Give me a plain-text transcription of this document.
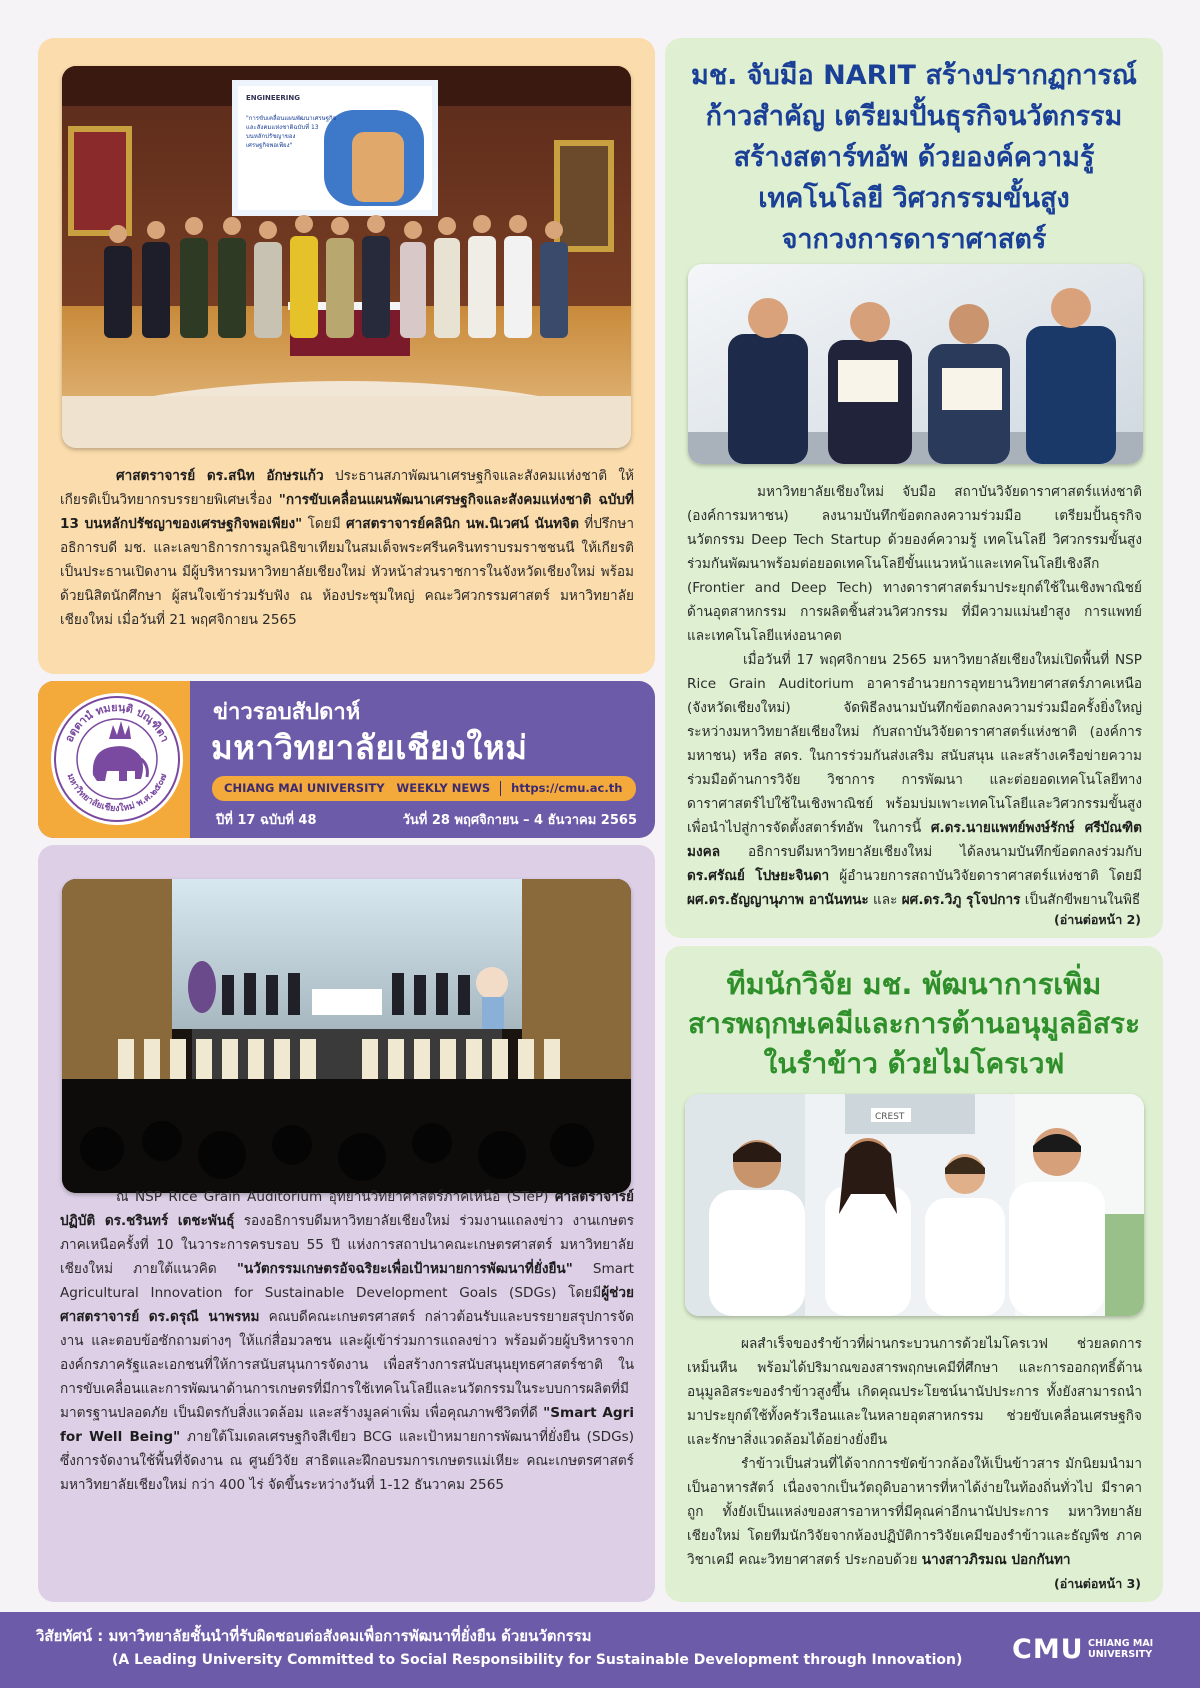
ENGINEERING
"การขับเคลื่อนแผนพัฒนาเศรษฐกิจ
และสังคมแห่งชาติฉบับที่ 13
บนหลักปรัชญาของ
เศรษฐกิจพอเพียง"

ศาสตราจารย์ ดร.สนิท อักษรแก้ว ประธานสภาพัฒนาเศรษฐกิจและสังคมแห่งชาติ ให้เกียรติเป็นวิทยากรบรรยายพิเศษเรื่อง "การขับเคลื่อนแผนพัฒนาเศรษฐกิจและสังคมแห่งชาติ ฉบับที่ 13 บนหลักปรัชญาของเศรษฐกิจพอเพียง" โดยมี ศาสตราจารย์คลินิก นพ.นิเวศน์ นันทจิต ที่ปรึกษาอธิการบดี มช. และเลขาธิการการมูลนิธิขาเทียมในสมเด็จพระศรีนครินทราบรมราชชนนี ให้เกียรติเป็นประธานเปิดงาน มีผู้บริหารมหาวิทยาลัยเชียงใหม่ หัวหน้าส่วนราชการในจังหวัดเชียงใหม่ พร้อมด้วยนิสิตนักศึกษา ผู้สนใจเข้าร่วมรับฟัง ณ ห้องประชุมใหญ่ คณะวิศวกรรมศาสตร์ มหาวิทยาลัยเชียงใหม่ เมื่อวันที่ 21 พฤศจิกายน 2565

อตฺตานํ ทมยนฺติ ปณฺฑิตา
มหาวิทยาลัยเชียงใหม่ พ.ศ.๒๕๐๗
ข่าวรอบสัปดาห์
มหาวิทยาลัยเชียงใหม่
CHIANG MAI UNIVERSITY   WEEKLY NEWS https://cmu.ac.th
ปีที่ 17 ฉบับที่ 48	วันที่ 28 พฤศจิกายน – 4 ธันวาคม 2565

ณ NSP Rice Grain Auditorium อุทยานวิทยาศาสตร์ภาคเหนือ (STeP) ศาสตราจารย์ปฏิบัติ ดร.ชรินทร์ เตชะพันธุ์ รองอธิการบดีมหาวิทยาลัยเชียงใหม่ ร่วมงานแถลงข่าว งานเกษตรภาคเหนือครั้งที่ 10 ในวาระการครบรอบ 55 ปี แห่งการสถาปนาคณะเกษตรศาสตร์ มหาวิทยาลัยเชียงใหม่ ภายใต้แนวคิด "นวัตกรรมเกษตรอัจฉริยะเพื่อเป้าหมายการพัฒนาที่ยั่งยืน" Smart Agricultural Innovation for Sustainable Development Goals (SDGs) โดยมีผู้ช่วยศาสตราจารย์ ดร.ดรุณี นาพรหม คณบดีคณะเกษตรศาสตร์ กล่าวต้อนรับและบรรยายสรุปการจัดงาน และตอบข้อซักถามต่างๆ ให้แก่สื่อมวลชน และผู้เข้าร่วมการแถลงข่าว พร้อมด้วยผู้บริหารจากองค์กรภาครัฐและเอกชนที่ให้การสนับสนุนการจัดงาน เพื่อสร้างการสนับสนุนยุทธศาสตร์ชาติ ในการขับเคลื่อนและการพัฒนาด้านการเกษตรที่มีการใช้เทคโนโลยีและนวัตกรรมในระบบการผลิตที่มีมาตรฐานปลอดภัย เป็นมิตรกับสิ่งแวดล้อม และสร้างมูลค่าเพิ่ม เพื่อคุณภาพชีวิตที่ดี "Smart Agri for Well Being" ภายใต้โมเดลเศรษฐกิจสีเขียว BCG และเป้าหมายการพัฒนาที่ยั่งยืน (SDGs) ซึ่งการจัดงานใช้พื้นที่จัดงาน ณ ศูนย์วิจัย สาธิตและฝึกอบรมการเกษตรแม่เหียะ คณะเกษตรศาสตร์ มหาวิทยาลัยเชียงใหม่ กว่า 400 ไร่ จัดขึ้นระหว่างวันที่ 1-12 ธันวาคม 2565

มช. จับมือ NARIT สร้างปรากฏการณ์
ก้าวสำคัญ เตรียมปั้นธุรกิจนวัตกรรม
สร้างสตาร์ทอัพ ด้วยองค์ความรู้
เทคโนโลยี วิศวกรรมขั้นสูง
จากวงการดาราศาสตร์

มหาวิทยาลัยเชียงใหม่ จับมือ สถาบันวิจัยดาราศาสตร์แห่งชาติ (องค์การมหาชน) ลงนามบันทึกข้อตกลงความร่วมมือ เตรียมปั้นธุรกิจนวัตกรรม Deep Tech Startup ด้วยองค์ความรู้ เทคโนโลยี วิศวกรรมขั้นสูง ร่วมกันพัฒนาพร้อมต่อยอดเทคโนโลยีขั้นแนวหน้าและเทคโนโลยีเชิงลึก (Frontier and Deep Tech) ทางดาราศาสตร์มาประยุกต์ใช้ในเชิงพาณิชย์ด้านอุตสาหกรรม การผลิตชิ้นส่วนวิศวกรรม ที่มีความแม่นยำสูง การแพทย์ และเทคโนโลยีแห่งอนาคต

เมื่อวันที่ 17 พฤศจิกายน 2565 มหาวิทยาลัยเชียงใหม่เปิดพื้นที่ NSP Rice Grain Auditorium อาคารอำนวยการอุทยานวิทยาศาสตร์ภาคเหนือ (จังหวัดเชียงใหม่) จัดพิธีลงนามบันทึกข้อตกลงความร่วมมือครั้งยิ่งใหญ่ ระหว่างมหาวิทยาลัยเชียงใหม่ กับสถาบันวิจัยดาราศาสตร์แห่งชาติ (องค์การมหาชน) หรือ สดร. ในการร่วมกันส่งเสริม สนับสนุน และสร้างเครือข่ายความร่วมมือด้านการวิจัย วิชาการ การพัฒนา และต่อยอดเทคโนโลยีทางดาราศาสตร์ไปใช้ในเชิงพาณิชย์ พร้อมบ่มเพาะเทคโนโลยีและวิศวกรรมขั้นสูงเพื่อนำไปสู่การจัดตั้งสตาร์ทอัพ ในการนี้ ศ.ดร.นายแพทย์พงษ์รักษ์ ศรีบัณฑิตมงคล อธิการบดีมหาวิทยาลัยเชียงใหม่ ได้ลงนามบันทึกข้อตกลงร่วมกับ ดร.ศรัณย์ โปษยะจินดา ผู้อำนวยการสถาบันวิจัยดาราศาสตร์แห่งชาติ โดยมี ผศ.ดร.ธัญญานุภาพ อานันทนะ และ ผศ.ดร.วิภู รุโจปการ เป็นสักขีพยานในพิธี

(อ่านต่อหน้า 2)
ทีมนักวิจัย มช. พัฒนาการเพิ่ม
สารพฤกษเคมีและการต้านอนุมูลอิสระ
ในรำข้าว ด้วยไมโครเวฟ
CREST

ผลสำเร็จของรำข้าวที่ผ่านกระบวนการด้วยไมโครเวฟ ช่วยลดการเหม็นหืน พร้อมได้ปริมาณของสารพฤกษเคมีที่ศึกษา และการออกฤทธิ์ต้านอนุมูลอิสระของรำข้าวสูงขึ้น เกิดคุณประโยชน์นานัปประการ ทั้งยังสามารถนำมาประยุกต์ใช้ทั้งครัวเรือนและในหลายอุตสาหกรรม ช่วยขับเคลื่อนเศรษฐกิจและรักษาสิ่งแวดล้อมได้อย่างยั่งยืน

รำข้าวเป็นส่วนที่ได้จากการขัดข้าวกล้องให้เป็นข้าวสาร มักนิยมนำมาเป็นอาหารสัตว์ เนื่องจากเป็นวัตถุดิบอาหารที่หาได้ง่ายในท้องถิ่นทั่วไป มีราคาถูก ทั้งยังเป็นแหล่งของสารอาหารที่มีคุณค่าอีกนานัปประการ มหาวิทยาลัยเชียงใหม่ โดยทีมนักวิจัยจากห้องปฏิบัติการวิจัยเคมีของรำข้าวและธัญพืช ภาควิชาเคมี คณะวิทยาศาสตร์ ประกอบด้วย นางสาวภิรมณ ปอกกันทา

(อ่านต่อหน้า 3)
วิสัยทัศน์ : มหาวิทยาลัยชั้นนำที่รับผิดชอบต่อสังคมเพื่อการพัฒนาที่ยั่งยืน ด้วยนวัตกรรม
(A Leading University Committed to Social Responsibility for Sustainable Development through Innovation) CMU CHIANG MAI
UNIVERSITY
